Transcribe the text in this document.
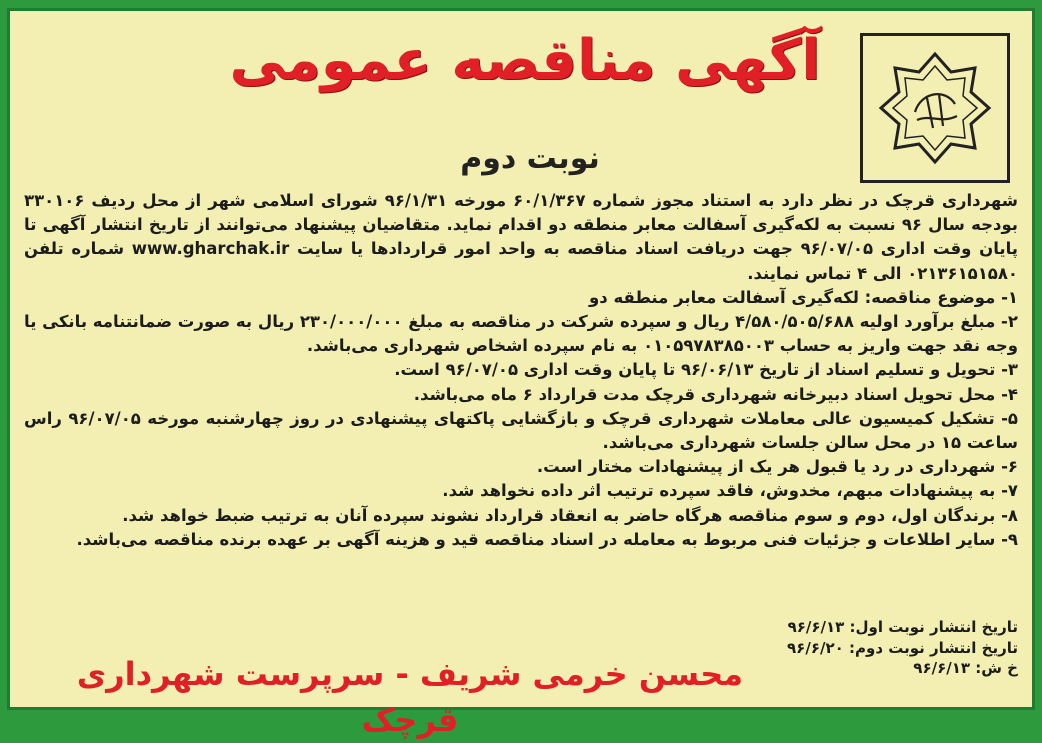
آگهی مناقصه عمومی
نوبت دوم

شهرداری قرچک در نظر دارد به استناد مجوز شماره ۶۰/۱/۳۶۷ مورخه ۹۶/۱/۳۱ شورای اسلامی شهر از محل ردیف ۳۳۰۱۰۶ بودجه سال ۹۶ نسبت به لکه‌گیری آسفالت معابر منطقه دو اقدام نماید. متقاضیان پیشنهاد می‌توانند از تاریخ انتشار آگهی تا پایان وقت اداری ۹۶/۰۷/۰۵ جهت دریافت اسناد مناقصه به واحد امور قراردادها یا سایت www.gharchak.ir شماره تلفن ۰۲۱۳۶۱۵۱۵۸۰ الی ۴ تماس نمایند.

۱- موضوع مناقصه: لکه‌گیری آسفالت معابر منطقه دو

۲- مبلغ برآورد اولیه ۴/۵۸۰/۵۰۵/۶۸۸ ریال و سپرده شرکت در مناقصه به مبلغ ۲۳۰/۰۰۰/۰۰۰ ریال به صورت ضمانتنامه بانکی یا وجه نقد جهت واریز به حساب ۰۱۰۵۹۷۸۳۸۵۰۰۳ به نام سپرده اشخاص شهرداری می‌باشد.

۳- تحویل و تسلیم اسناد از تاریخ ۹۶/۰۶/۱۳ تا پایان وقت اداری ۹۶/۰۷/۰۵ است.

۴- محل تحویل اسناد دبیرخانه شهرداری قرچک مدت قرارداد ۶ ماه می‌باشد.

۵- تشکیل کمیسیون عالی معاملات شهرداری قرچک و بازگشایی پاکتهای پیشنهادی در روز چهارشنبه مورخه ۹۶/۰۷/۰۵ راس ساعت ۱۵ در محل سالن جلسات شهرداری می‌باشد.

۶- شهرداری در رد یا قبول هر یک از پیشنهادات مختار است.

۷- به پیشنهادات مبهم، مخدوش، فاقد سپرده ترتیب اثر داده نخواهد شد.

۸- برندگان اول، دوم و سوم مناقصه هرگاه حاضر به انعقاد قرارداد نشوند سپرده آنان به ترتیب ضبط خواهد شد.

۹- سایر اطلاعات و جزئیات فنی مربوط به معامله در اسناد مناقصه قید و هزینه آگهی بر عهده برنده مناقصه می‌باشد.

تاریخ انتشار نوبت اول: ۹۶/۶/۱۳
تاریخ انتشار نوبت دوم: ۹۶/۶/۲۰
خ ش: ۹۶/۶/۱۳
محسن خرمی شریف - سرپرست شهرداری قرچک
